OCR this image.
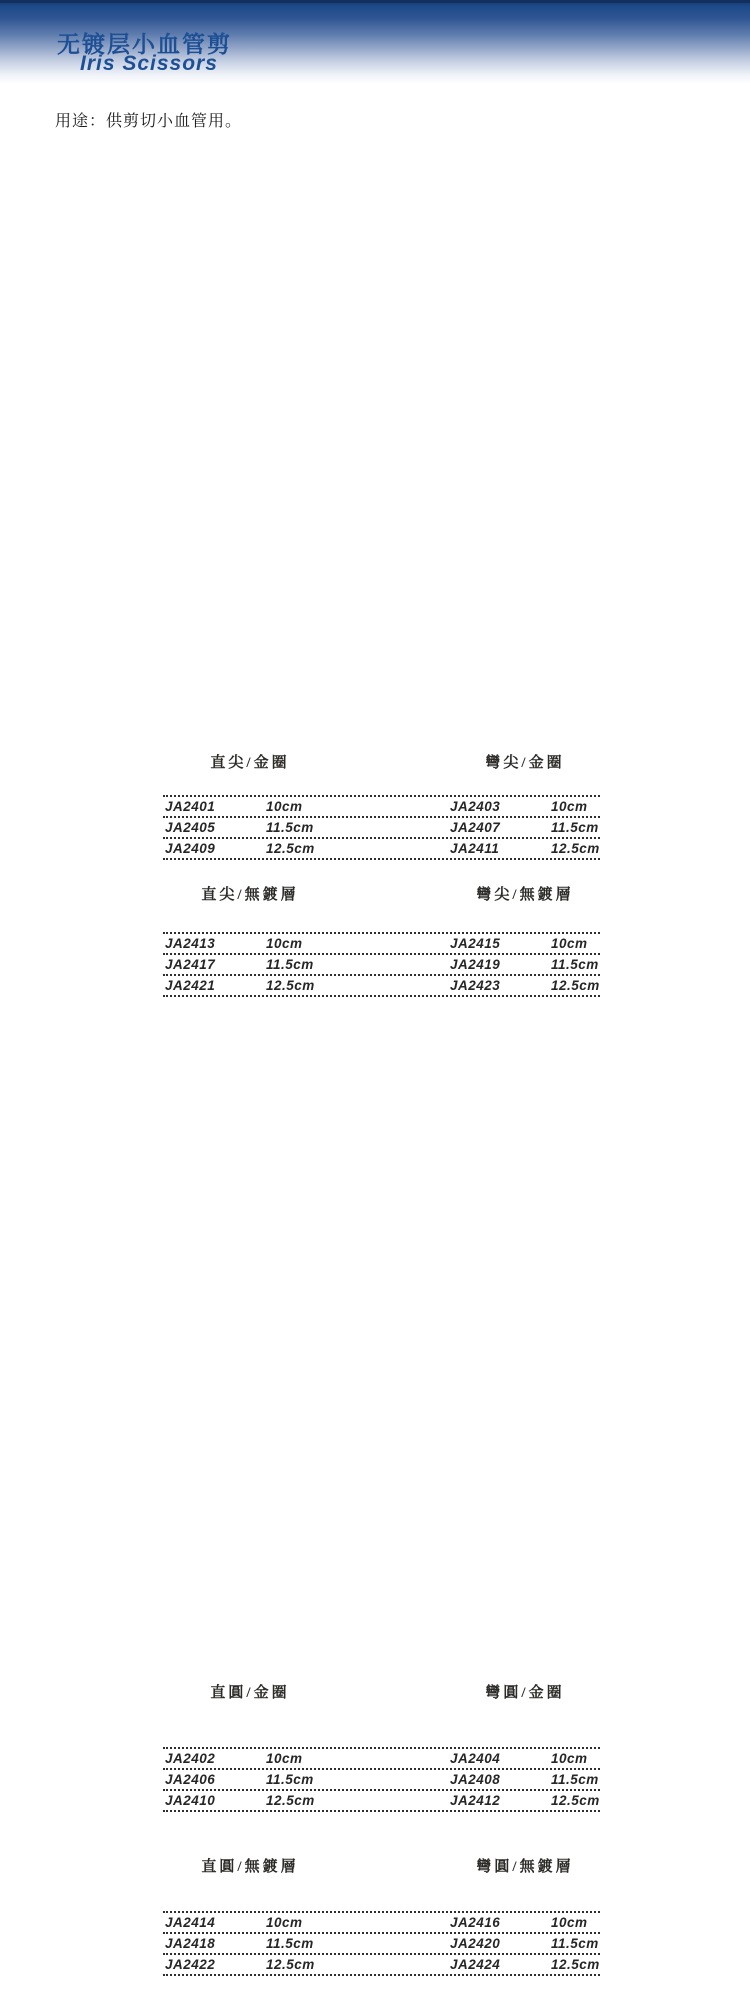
无镀层小血管剪
Iris Scissors

用途：供剪切小血管用。

直尖/金圈	彎尖/金圈
JA2401	10cm	JA2403	10cm
JA2405	11.5cm	JA2407	11.5cm
JA2409	12.5cm	JA2411	12.5cm
直尖/無鍍層	彎尖/無鍍層
JA2413	10cm	JA2415	10cm
JA2417	11.5cm	JA2419	11.5cm
JA2421	12.5cm	JA2423	12.5cm
直圓/金圈	彎圓/金圈
JA2402	10cm	JA2404	10cm
JA2406	11.5cm	JA2408	11.5cm
JA2410	12.5cm	JA2412	12.5cm
直圓/無鍍層	彎圓/無鍍層
JA2414	10cm	JA2416	10cm
JA2418	11.5cm	JA2420	11.5cm
JA2422	12.5cm	JA2424	12.5cm
